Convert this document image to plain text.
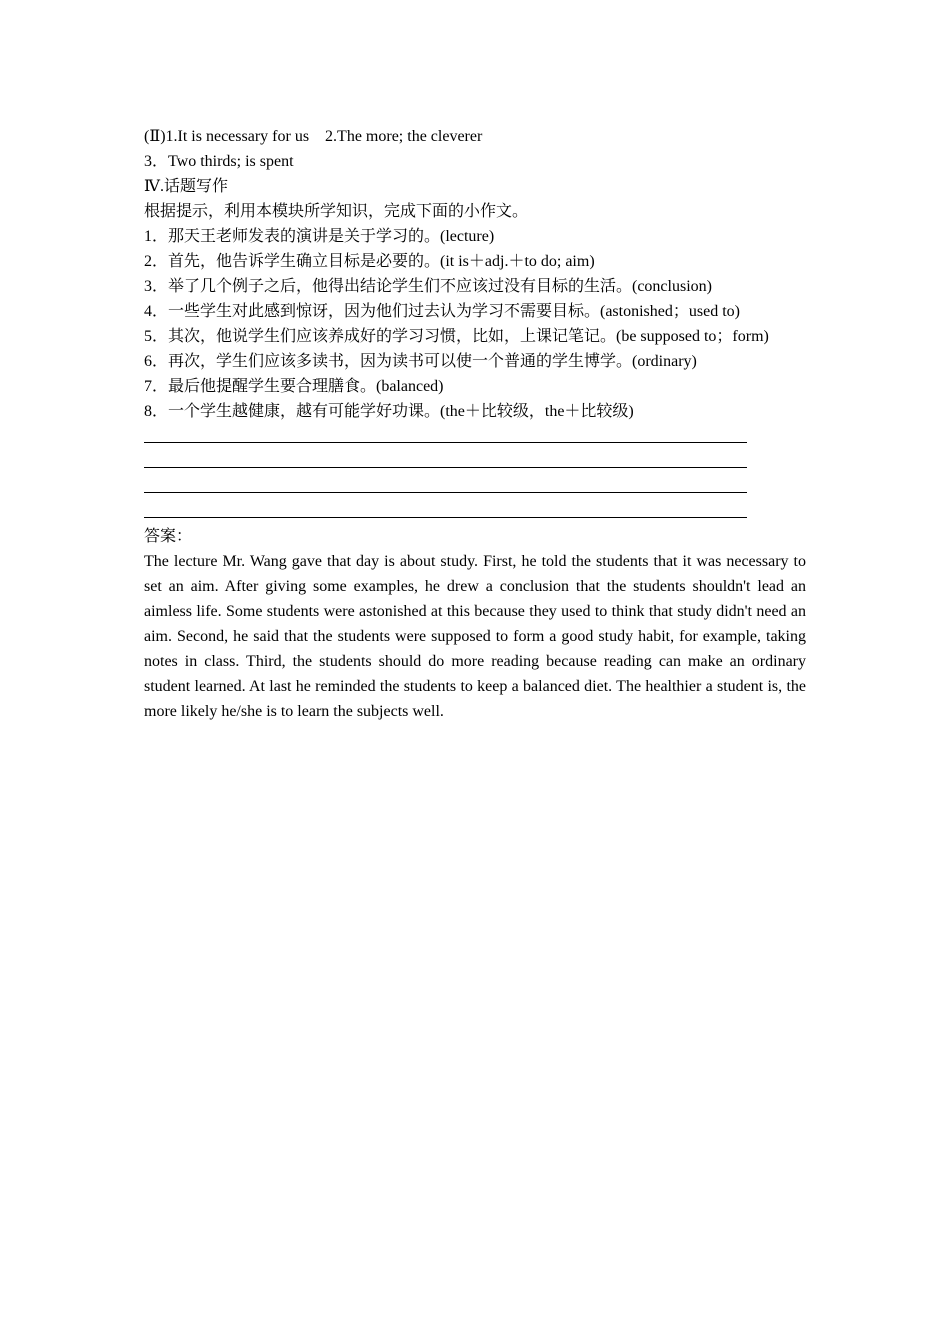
(Ⅱ)1.It is necessary for us　2.The more; the cleverer
3．Two thirds; is spent
Ⅳ.话题写作
根据提示，利用本模块所学知识，完成下面的小作文。
1．那天王老师发表的演讲是关于学习的。(lecture)
2．首先，他告诉学生确立目标是必要的。(it is＋adj.＋to do; aim)
3．举了几个例子之后，他得出结论学生们不应该过没有目标的生活。(conclusion)
4．一些学生对此感到惊讶，因为他们过去认为学习不需要目标。(astonished；used to)
5．其次，他说学生们应该养成好的学习习惯，比如，上课记笔记。(be supposed to；form)
6．再次，学生们应该多读书，因为读书可以使一个普通的学生博学。(ordinary)
7．最后他提醒学生要合理膳食。(balanced)
8．一个学生越健康，越有可能学好功课。(the＋比较级，the＋比较级)
答案：

The lecture Mr. Wang gave that day is about study. First, he told the students that it was necessary to set an aim. After giving some examples, he drew a conclusion that the students shouldn't lead an aimless life. Some students were astonished at this because they used to think that study didn't need an aim. Second, he said that the students were supposed to form a good study habit, for example, taking notes in class. Third, the students should do more reading because reading can make an ordinary student learned. At last he reminded the students to keep a balanced diet. The healthier a student is, the more likely he/she is to learn the subjects well.
